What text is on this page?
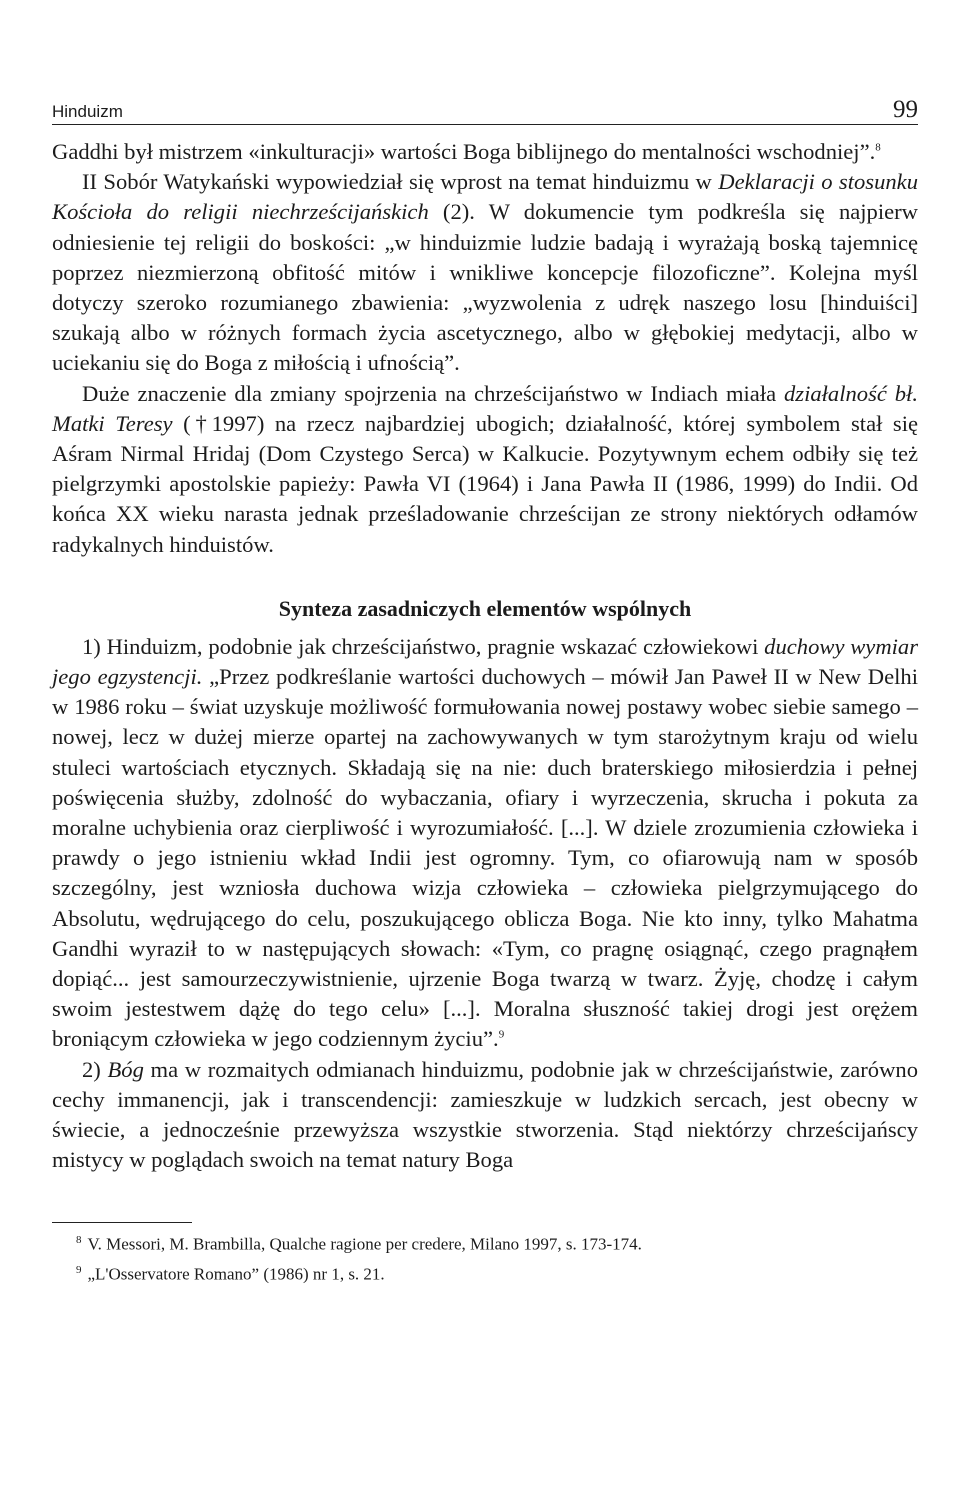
Hinduizm	99

Gaddhi był mistrzem «inkulturacji» wartości Boga biblijnego do mentalności wschodniej”.$^8$

II Sobór Watykański wypowiedział się wprost na temat hinduizmu w Deklaracji o stosunku Kościoła do religii niechrześcijańskich (2). W dokumencie tym podkreśla się najpierw odniesienie tej religii do boskości: „w hinduizmie ludzie badają i wyrażają boską tajemnicę poprzez niezmierzoną obfitość mitów i wnikliwe koncepcje filozoficzne”. Kolejna myśl dotyczy szeroko rozumianego zbawienia: „wyzwolenia z udręk naszego losu [hinduiści] szukają albo w różnych formach życia ascetycznego, albo w głębokiej medytacji, albo w uciekaniu się do Boga z miłością i ufnością”.

Duże znaczenie dla zmiany spojrzenia na chrześcijaństwo w Indiach miała działalność bł. Matki Teresy (†1997) na rzecz najbardziej ubogich; działalność, której symbolem stał się Aśram Nirmal Hridaj (Dom Czystego Serca) w Kalkucie. Pozytywnym echem odbiły się też pielgrzymki apostolskie papieży: Pawła VI (1964) i Jana Pawła II (1986, 1999) do Indii. Od końca XX wieku narasta jednak prześladowanie chrześcijan ze strony niektórych odłamów radykalnych hinduistów.

Synteza zasadniczych elementów wspólnych

1) Hinduizm, podobnie jak chrześcijaństwo, pragnie wskazać człowiekowi duchowy wymiar jego egzystencji. „Przez podkreślanie wartości duchowych – mówił Jan Paweł II w New Delhi w 1986 roku – świat uzyskuje możliwość formułowania nowej postawy wobec siebie samego – nowej, lecz w dużej mierze opartej na zachowywanych w tym starożytnym kraju od wielu stuleci wartościach etycznych. Składają się na nie: duch braterskiego miłosierdzia i pełnej poświęcenia służby, zdolność do wybaczania, ofiary i wyrzeczenia, skrucha i pokuta za moralne uchybienia oraz cierpliwość i wyrozumiałość. [...]. W dziele zrozumienia człowieka i prawdy o jego istnieniu wkład Indii jest ogromny. Tym, co ofiarowują nam w sposób szczególny, jest wzniosła duchowa wizja człowieka – człowieka pielgrzymującego do Absolutu, wędrującego do celu, poszukującego oblicza Boga. Nie kto inny, tylko Mahatma Gandhi wyraził to w następujących słowach: «Tym, co pragnę osiągnąć, czego pragnąłem dopiąć... jest samourzeczywistnienie, ujrzenie Boga twarzą w twarz. Żyję, chodzę i całym swoim jestestwem dążę do tego celu» [...]. Moralna słuszność takiej drogi jest orężem broniącym człowieka w jego codziennym życiu”.$^9$

2) Bóg ma w rozmaitych odmianach hinduizmu, podobnie jak w chrześcijaństwie, zarówno cechy immanencji, jak i transcendencji: zamieszkuje w ludzkich sercach, jest obecny w świecie, a jednocześnie przewyższa wszystkie stworzenia. Stąd niektórzy chrześcijańscy mistycy w poglądach swoich na temat natury Boga

$^8$ V. Messori, M. Brambilla, Qualche ragione per credere, Milano 1997, s. 173-174.
$^9$ „L'Osservatore Romano” (1986) nr 1, s. 21.
